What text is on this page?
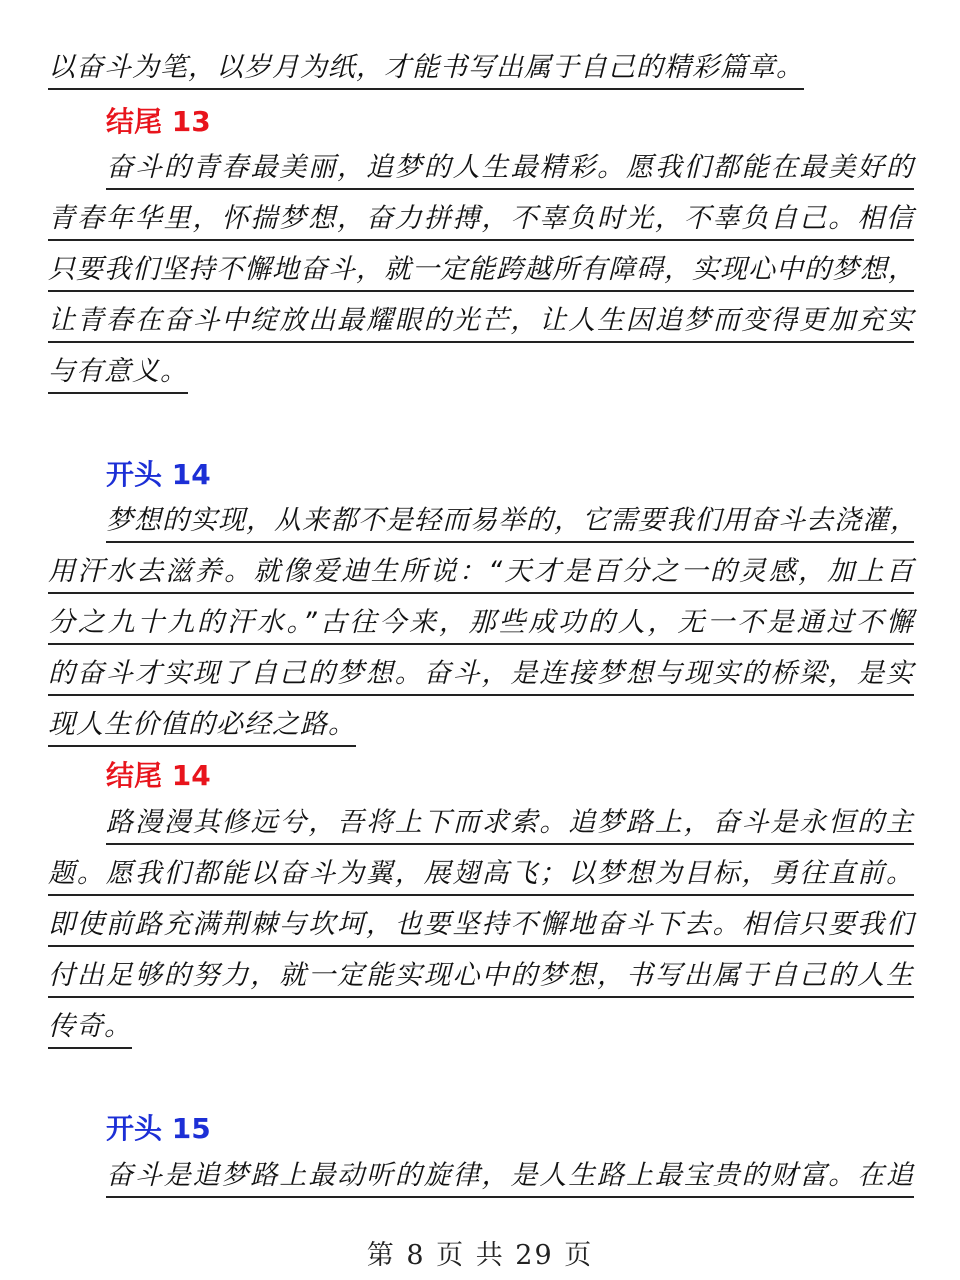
以奋斗为笔，以岁月为纸，才能书写出属于自己的精彩篇章。
结尾 13
奋斗的青春最美丽，追梦的人生最精彩。愿我们都能在最美好的
青春年华里，怀揣梦想，奋力拼搏，不辜负时光，不辜负自己。相信
只要我们坚持不懈地奋斗，就一定能跨越所有障碍，实现心中的梦想，
让青春在奋斗中绽放出最耀眼的光芒，让人生因追梦而变得更加充实
与有意义。
开头 14
梦想的实现，从来都不是轻而易举的，它需要我们用奋斗去浇灌，
用汗水去滋养。就像爱迪生所说：“天才是百分之一的灵感，加上百
分之九十九的汗水。”古往今来，那些成功的人，无一不是通过不懈
的奋斗才实现了自己的梦想。奋斗，是连接梦想与现实的桥梁，是实
现人生价值的必经之路。
结尾 14
路漫漫其修远兮，吾将上下而求索。追梦路上，奋斗是永恒的主
题。愿我们都能以奋斗为翼，展翅高飞；以梦想为目标，勇往直前。
即使前路充满荆棘与坎坷，也要坚持不懈地奋斗下去。相信只要我们
付出足够的努力，就一定能实现心中的梦想，书写出属于自己的人生
传奇。
开头 15
奋斗是追梦路上最动听的旋律，是人生路上最宝贵的财富。在追
第 8 页 共 29 页
